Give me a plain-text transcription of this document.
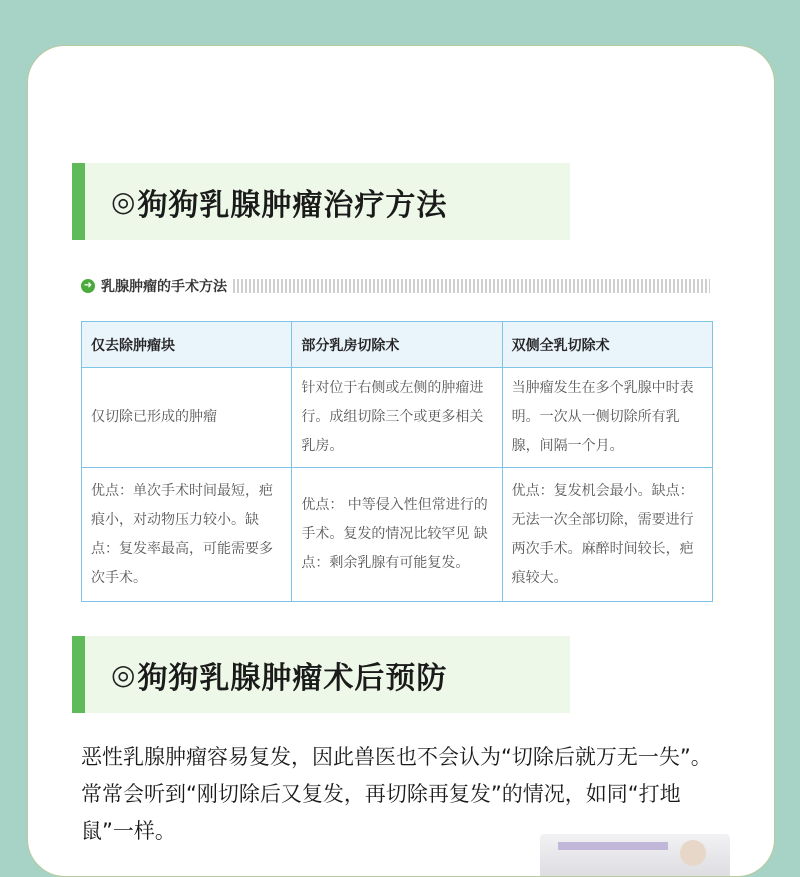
◎ 狗狗乳腺肿瘤治疗方法
➜ 乳腺肿瘤的手术方法
仅去除肿瘤块	部分乳房切除术	双侧全乳切除术
仅切除已形成的肿瘤	针对位于右侧或左侧的肿瘤进行。成组切除三个或更多相关乳房。	当肿瘤发生在多个乳腺中时表明。一次从一侧切除所有乳腺，间隔一个月。
优点：单次手术时间最短，疤痕小，对动物压力较小。缺点：复发率最高，可能需要多次手术。	优点： 中等侵入性但常进行的手术。复发的情况比较罕见 缺点：剩余乳腺有可能复发。	优点：复发机会最小。缺点：无法一次全部切除，需要进行两次手术。麻醉时间较长，疤痕较大。
◎ 狗狗乳腺肿瘤术后预防

恶性乳腺肿瘤容易复发，因此兽医也不会认为“切除后就万无一失”。常常会听到“刚切除后又复发，再切除再复发”的情况，如同“打地鼠”一样。
